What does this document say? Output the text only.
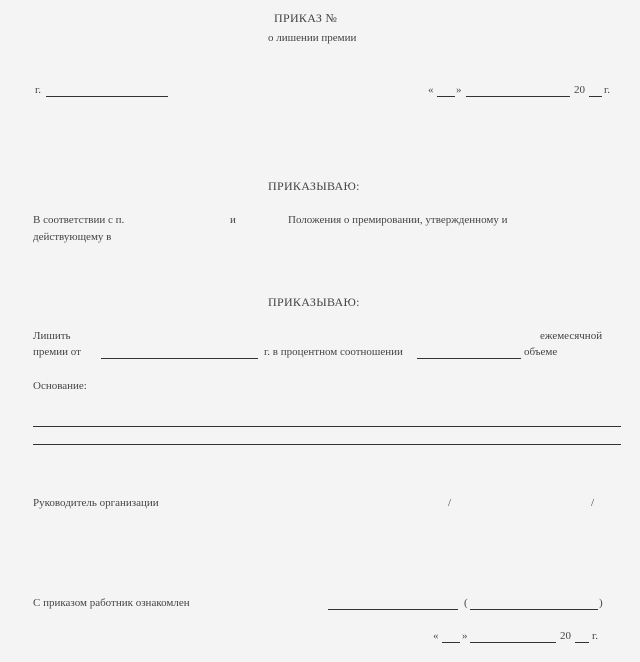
ПРИКАЗ №
о лишении премии
г.	« »	20 г.
ПРИКАЗЫВАЮ:
В соответствии с п.	и	Положения о премировании, утвержденному и
действующему в
ПРИКАЗЫВАЮ:
Лишить	ежемесячной
премии от	г. в процентном соотношении	объеме
Основание:
Руководитель организации	/	/
С приказом работник ознакомлен	(	)
« »	20 г.
